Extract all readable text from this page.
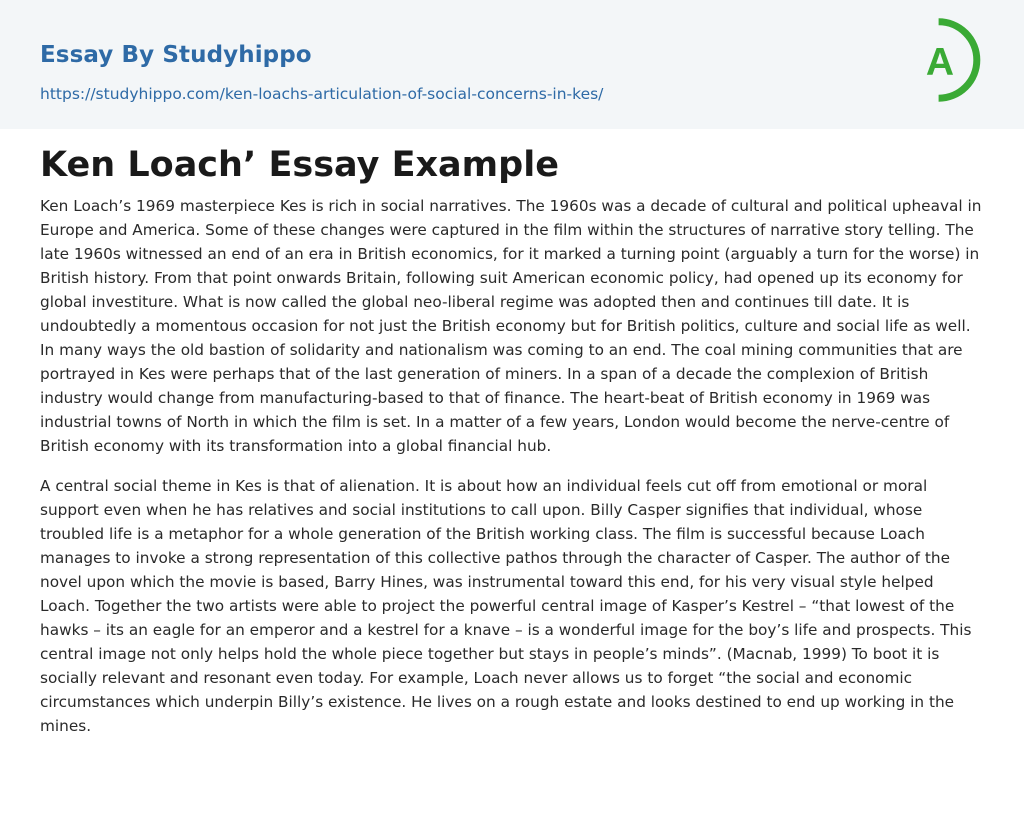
Essay By Studyhippo
https://studyhippo.com/ken-loachs-articulation-of-social-concerns-in-kes/
A
Ken Loach’ Essay Example

Ken Loach’s 1969 masterpiece Kes is rich in social narratives. The 1960s was a decade of cultural and political upheaval in Europe and America. Some of these changes were captured in the film within the structures of narrative story telling. The late 1960s witnessed an end of an era in British economics, for it marked a turning point (arguably a turn for the worse) in British history. From that point onwards Britain, following suit American economic policy, had opened up its economy for global investiture. What is now called the global neo-liberal regime was adopted then and continues till date. It is undoubtedly a momentous occasion for not just the British economy but for British politics, culture and social life as well. In many ways the old bastion of solidarity and nationalism was coming to an end. The coal mining communities that are portrayed in Kes were perhaps that of the last generation of miners. In a span of a decade the complexion of British industry would change from manufacturing-based to that of finance. The heart-beat of British economy in 1969 was industrial towns of North in which the film is set. In a matter of a few years, London would become the nerve-centre of British economy with its transformation into a global financial hub.

A central social theme in Kes is that of alienation. It is about how an individual feels cut off from emotional or moral support even when he has relatives and social institutions to call upon. Billy Casper signifies that individual, whose troubled life is a metaphor for a whole generation of the British working class. The film is successful because Loach manages to invoke a strong representation of this collective pathos through the character of Casper. The author of the novel upon which the movie is based, Barry Hines, was instrumental toward this end, for his very visual style helped Loach. Together the two artists were able to project the powerful central image of Kasper’s Kestrel – “that lowest of the hawks – its an eagle for an emperor and a kestrel for a knave – is a wonderful image for the boy’s life and prospects. This central image not only helps hold the whole piece together but stays in people’s minds”. (Macnab, 1999) To boot it is socially relevant and resonant even today. For example, Loach never allows us to forget “the social and economic circumstances which underpin Billy’s existence. He lives on a rough estate and looks destined to end up working in the mines.
